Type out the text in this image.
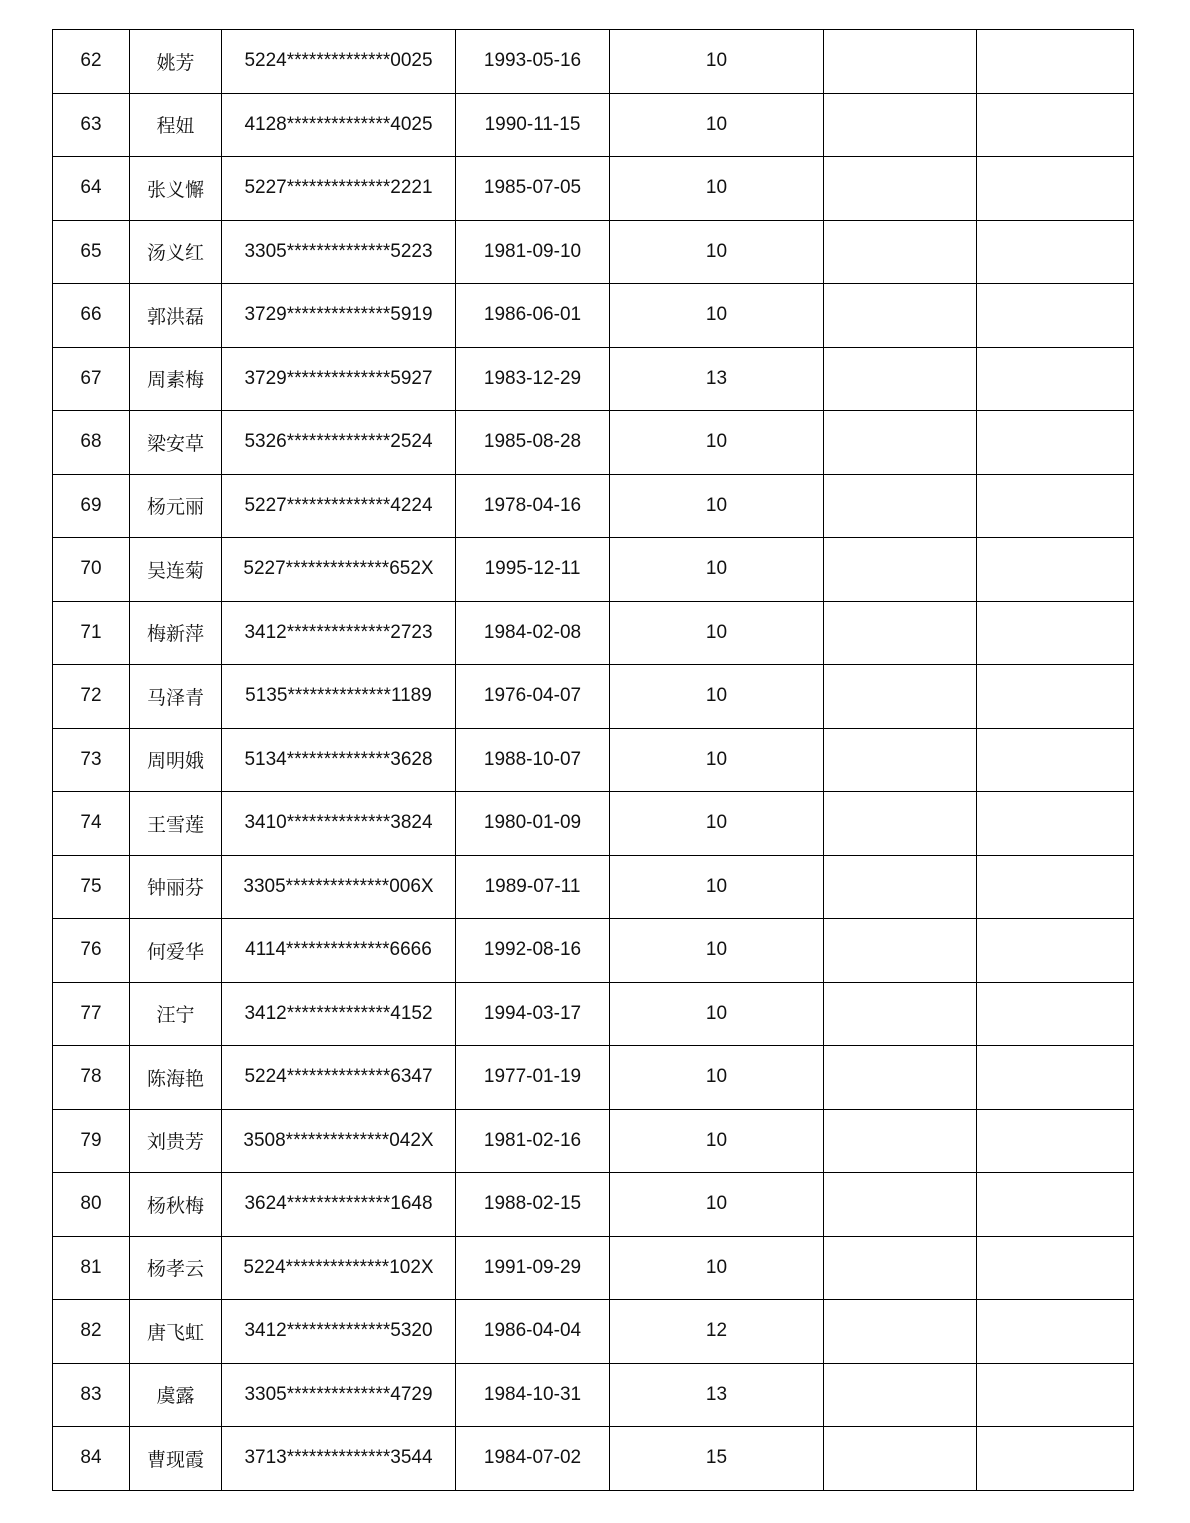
62	姚芳	5224**************0025	1993-05-16	10		
63	程妞	4128**************4025	1990-11-15	10		
64	张义懈	5227**************2221	1985-07-05	10		
65	汤义红	3305**************5223	1981-09-10	10		
66	郭洪磊	3729**************5919	1986-06-01	10		
67	周素梅	3729**************5927	1983-12-29	13		
68	梁安草	5326**************2524	1985-08-28	10		
69	杨元丽	5227**************4224	1978-04-16	10		
70	吴连菊	5227**************652X	1995-12-11	10		
71	梅新萍	3412**************2723	1984-02-08	10		
72	马泽青	5135**************1189	1976-04-07	10		
73	周明娥	5134**************3628	1988-10-07	10		
74	王雪莲	3410**************3824	1980-01-09	10		
75	钟丽芬	3305**************006X	1989-07-11	10		
76	何爱华	4114**************6666	1992-08-16	10		
77	汪宁	3412**************4152	1994-03-17	10		
78	陈海艳	5224**************6347	1977-01-19	10		
79	刘贵芳	3508**************042X	1981-02-16	10		
80	杨秋梅	3624**************1648	1988-02-15	10		
81	杨孝云	5224**************102X	1991-09-29	10		
82	唐飞虹	3412**************5320	1986-04-04	12		
83	虞露	3305**************4729	1984-10-31	13		
84	曹现霞	3713**************3544	1984-07-02	15		
